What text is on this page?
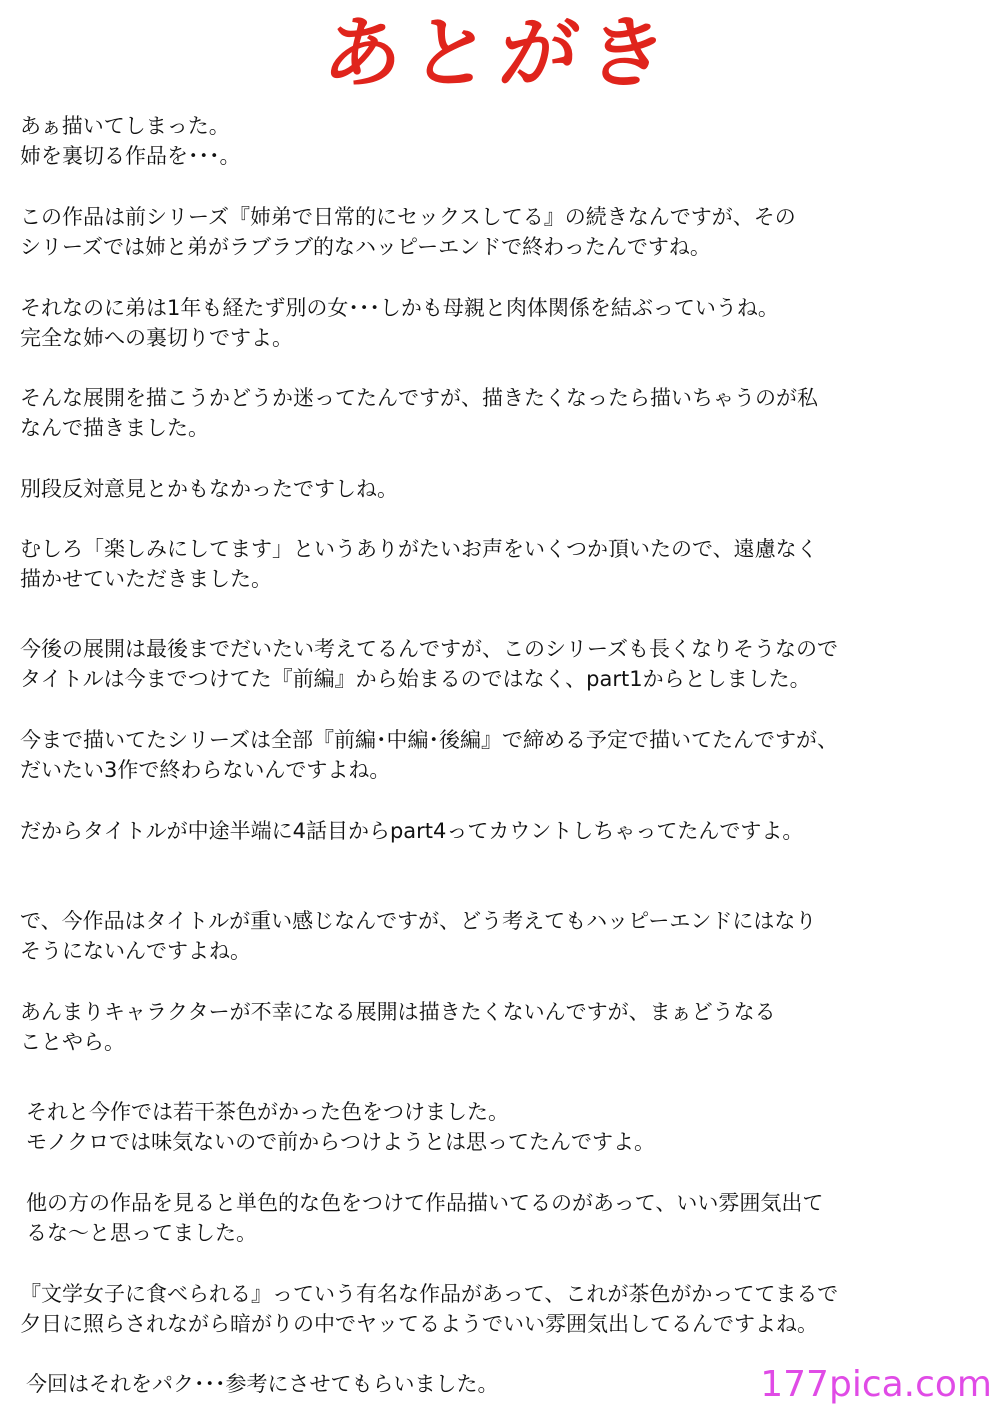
あとがき

あぁ描いてしまった。

姉を裏切る作品を･･･。

この作品は前シリーズ『姉弟で日常的にセックスしてる』の続きなんですが、その

シリーズでは姉と弟がラブラブ的なハッピーエンドで終わったんですね。

それなのに弟は1年も経たず別の女･･･しかも母親と肉体関係を結ぶっていうね。

完全な姉への裏切りですよ。

そんな展開を描こうかどうか迷ってたんですが、描きたくなったら描いちゃうのが私

なんで描きました。

別段反対意見とかもなかったですしね。

むしろ「楽しみにしてます」というありがたいお声をいくつか頂いたので、遠慮なく

描かせていただきました。

今後の展開は最後までだいたい考えてるんですが、このシリーズも長くなりそうなので

タイトルは今までつけてた『前編』から始まるのではなく、part1からとしました。

今まで描いてたシリーズは全部『前編･中編･後編』で締める予定で描いてたんですが、

だいたい3作で終わらないんですよね。

だからタイトルが中途半端に4話目からpart4ってカウントしちゃってたんですよ。

で、今作品はタイトルが重い感じなんですが、どう考えてもハッピーエンドにはなり

そうにないんですよね。

あんまりキャラクターが不幸になる展開は描きたくないんですが、まぁどうなる

ことやら。

それと今作では若干茶色がかった色をつけました。

モノクロでは味気ないので前からつけようとは思ってたんですよ。

他の方の作品を見ると単色的な色をつけて作品描いてるのがあって、いい雰囲気出て

るな～と思ってました。

『文学女子に食べられる』っていう有名な作品があって、これが茶色がかっててまるで

夕日に照らされながら暗がりの中でヤッてるようでいい雰囲気出してるんですよね。

今回はそれをパク･･･参考にさせてもらいました。	177pica.com
